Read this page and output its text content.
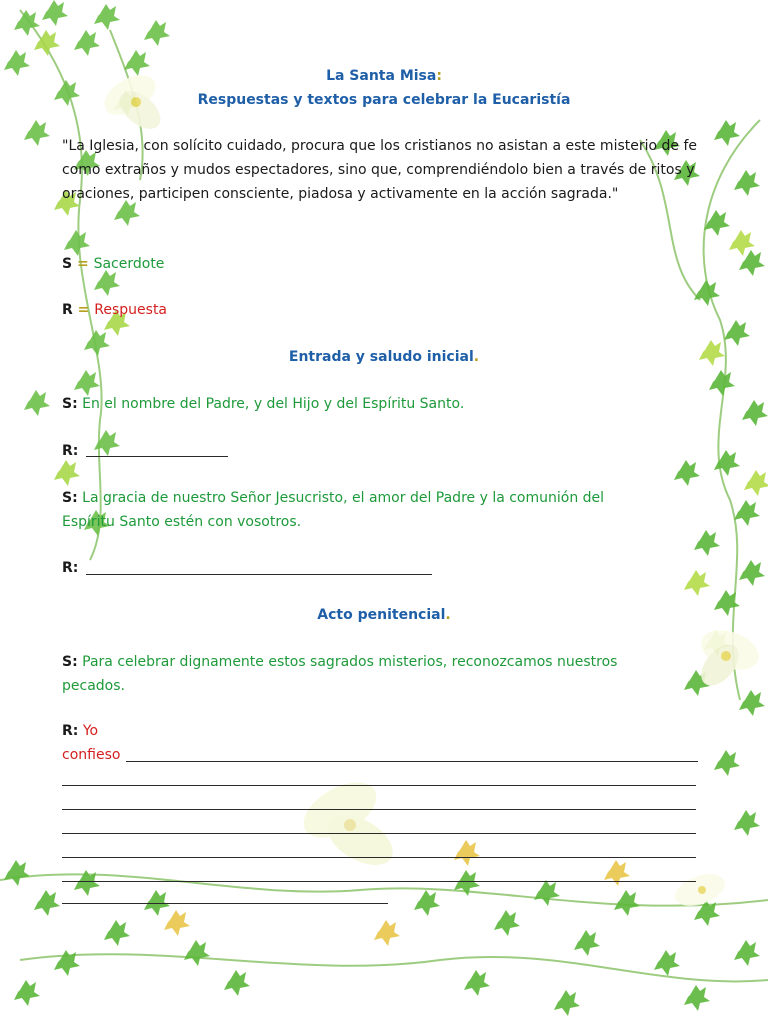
La Santa Misa:
Respuestas y textos para celebrar la Eucaristía
"La Iglesia, con solícito cuidado, procura que los cristianos no asistan a este misterio de fe como extraños y mudos espectadores, sino que, comprendiéndolo bien a través de ritos y oraciones, participen consciente, piadosa y activamente en la acción sagrada."
S = Sacerdote
R = Respuesta
Entrada y saludo inicial.
S: En el nombre del Padre, y del Hijo y del Espíritu Santo.
R:
S: La gracia de nuestro Señor Jesucristo, el amor del Padre y la comunión del
Espíritu Santo estén con vosotros.
R:
Acto penitencial.
S: Para celebrar dignamente estos sagrados misterios, reconozcamos nuestros
pecados.
R: Yo
confieso
